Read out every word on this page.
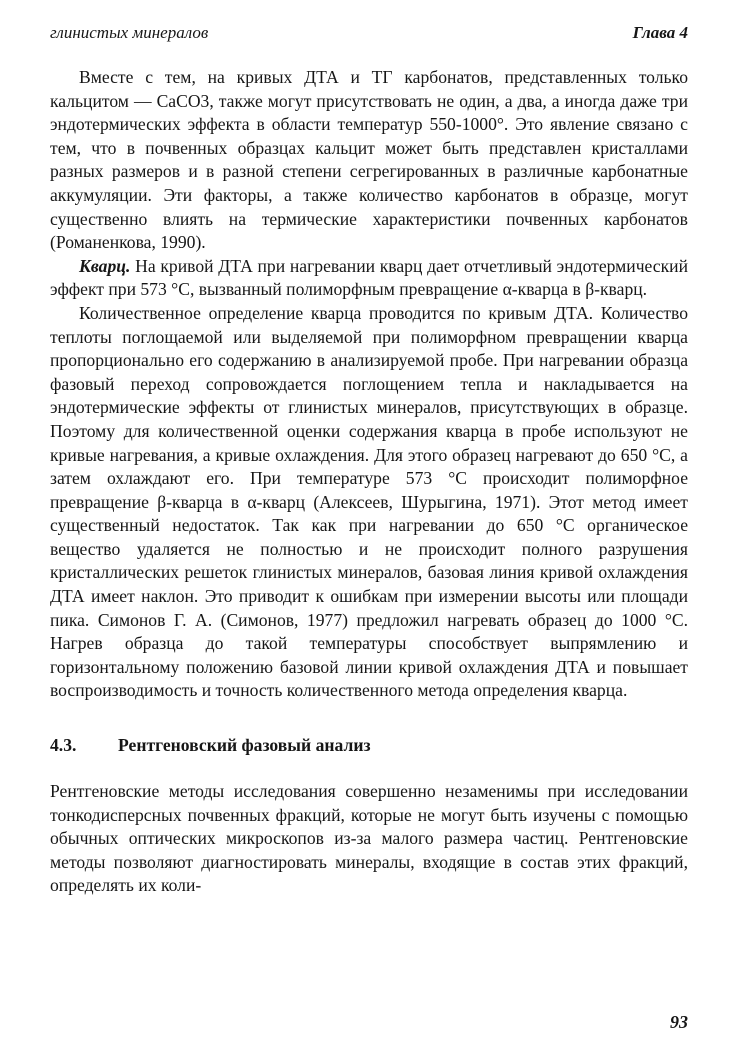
глинистых минералов	Глава 4

Вместе с тем, на кривых ДТА и ТГ карбонатов, представленных только кальцитом — CaCO3, также могут присутствовать не один, а два, а иногда даже три эндотермических эффекта в области температур 550-1000°. Это явление связано с тем, что в почвенных образцах кальцит может быть представлен кристаллами разных размеров и в разной степени сегрегированных в различные карбонатные аккумуляции. Эти факторы, а также количество карбонатов в образце, могут существенно влиять на термические характеристики почвенных карбонатов (Романенкова, 1990).

Кварц. На кривой ДТА при нагревании кварц дает отчетливый эндотермический эффект при 573 °C, вызванный полиморфным превращение α-кварца в β-кварц.

Количественное определение кварца проводится по кривым ДТА. Количество теплоты поглощаемой или выделяемой при полиморфном превращении кварца пропорционально его содержанию в анализируемой пробе. При нагревании образца фазовый переход сопровождается поглощением тепла и накладывается на эндотермические эффекты от глинистых минералов, присутствующих в образце. Поэтому для количественной оценки содержания кварца в пробе используют не кривые нагревания, а кривые охлаждения. Для этого образец нагревают до 650 °C, а затем охлаждают его. При температуре 573 °C происходит полиморфное превращение β-кварца в α-кварц (Алексеев, Шурыгина, 1971). Этот метод имеет существенный недостаток. Так как при нагревании до 650 °C органическое вещество удаляется не полностью и не происходит полного разрушения кристаллических решеток глинистых минералов, базовая линия кривой охлаждения ДТА имеет наклон. Это приводит к ошибкам при измерении высоты или площади пика. Симонов Г. А. (Симонов, 1977) предложил нагревать образец до 1000 °C. Нагрев образца до такой температуры способствует выпрямлению и горизонтальному положению базовой линии кривой охлаждения ДТА и повышает воспроизводимость и точность количественного метода определения кварца.

4.3.	Рентгеновский фазовый анализ

Рентгеновские методы исследования совершенно незаменимы при исследовании тонкодисперсных почвенных фракций, которые не могут быть изучены с помощью обычных оптических микроскопов из-за малого размера частиц. Рентгеновские методы позволяют диагностировать минералы, входящие в состав этих фракций, определять их коли-

93
